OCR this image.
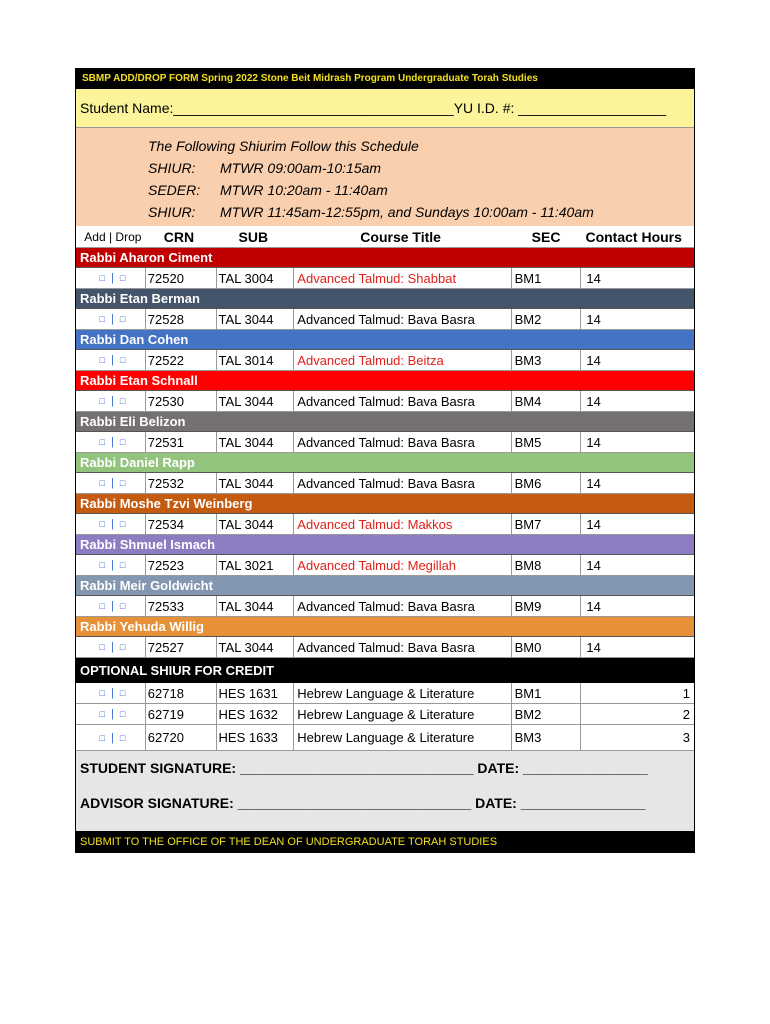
SBMP ADD/DROP FORM Spring 2022 Stone Beit Midrash Program Undergraduate Torah Studies
Student Name:____________________________________ YU I.D. #: ___________________
The Following Shiurim Follow this Schedule
SHIUR:	MTWR 09:00am-10:15am
SEDER:	MTWR 10:20am - 11:40am
SHIUR:	MTWR 11:45am-12:55pm, and Sundays 10:00am - 11:40am
Add | Drop	CRN	SUB	Course Title	SEC	Contact Hours
Rabbi Aharon Ciment
□ | □ 72520	TAL 3004	Advanced Talmud: Shabbat	BM1	14
Rabbi Etan Berman
□ | □ 72528	TAL 3044	Advanced Talmud: Bava Basra	BM2	14
Rabbi Dan Cohen
□ | □ 72522	TAL 3014	Advanced Talmud: Beitza	BM3	14
Rabbi Etan Schnall
□ | □ 72530	TAL 3044	Advanced Talmud: Bava Basra	BM4	14
Rabbi Eli Belizon
□ | □ 72531	TAL 3044	Advanced Talmud: Bava Basra	BM5	14
Rabbi Daniel Rapp
□ | □ 72532	TAL 3044	Advanced Talmud: Bava Basra	BM6	14
Rabbi Moshe Tzvi Weinberg
□ | □ 72534	TAL 3044	Advanced Talmud: Makkos	BM7	14
Rabbi Shmuel Ismach
□ | □ 72523	TAL 3021	Advanced Talmud: Megillah	BM8	14
Rabbi Meir Goldwicht
□ | □ 72533	TAL 3044	Advanced Talmud: Bava Basra	BM9	14
Rabbi Yehuda Willig
□ | □ 72527	TAL 3044	Advanced Talmud: Bava Basra	BM0	14
OPTIONAL SHIUR FOR CREDIT
□ | □ 62718	HES 1631	Hebrew Language & Literature	BM1	1
□ | □ 62719	HES 1632	Hebrew Language & Literature	BM2	2
□ | □ 62720	HES 1633	Hebrew Language & Literature	BM3	3
STUDENT SIGNATURE: ______________________________ DATE: ________________
ADVISOR SIGNATURE: ______________________________ DATE: ________________
SUBMIT TO THE OFFICE OF THE DEAN OF UNDERGRADUATE TORAH STUDIES
